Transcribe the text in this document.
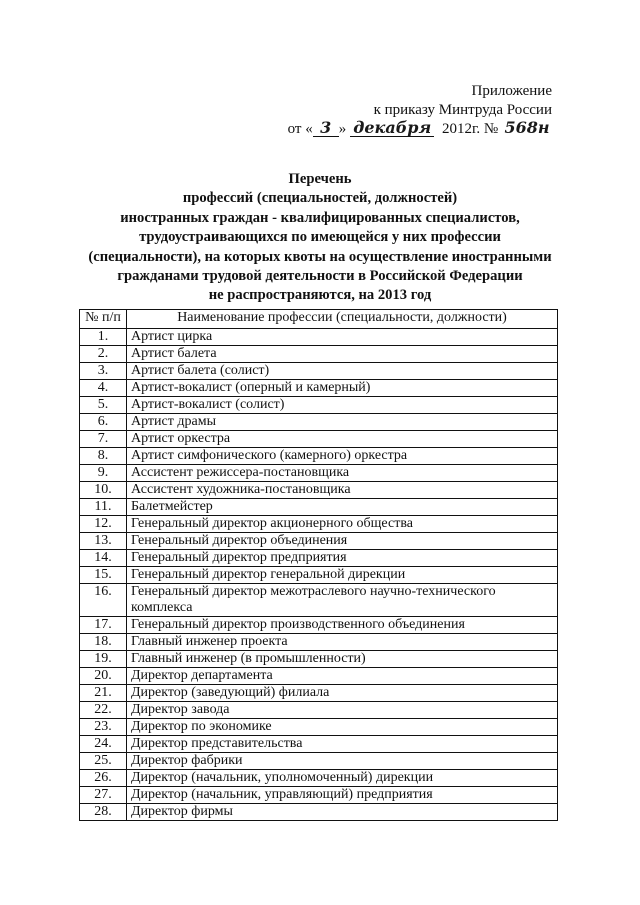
Приложение
к приказу Минтруда России
от « 3 » декабря 2012г. № 568н
Перечень
профессий (специальностей, должностей)
иностранных граждан - квалифицированных специалистов,
трудоустраивающихся по имеющейся у них профессии
(специальности), на которых квоты на осуществление иностранными
гражданами трудовой деятельности в Российской Федерации
не распространяются, на 2013 год
№ п/п	Наименование профессии (специальности, должности)
1.	Артист цирка
2.	Артист балета
3.	Артист балета (солист)
4.	Артист-вокалист (оперный и камерный)
5.	Артист-вокалист (солист)
6.	Артист драмы
7.	Артист оркестра
8.	Артист симфонического (камерного) оркестра
9.	Ассистент режиссера-постановщика
10.	Ассистент художника-постановщика
11.	Балетмейстер
12.	Генеральный директор акционерного общества
13.	Генеральный директор объединения
14.	Генеральный директор предприятия
15.	Генеральный директор генеральной дирекции
16.	Генеральный директор межотраслевого научно-технического комплекса
17.	Генеральный директор производственного объединения
18.	Главный инженер проекта
19.	Главный инженер (в промышленности)
20.	Директор департамента
21.	Директор (заведующий) филиала
22.	Директор завода
23.	Директор по экономике
24.	Директор представительства
25.	Директор фабрики
26.	Директор (начальник, уполномоченный) дирекции
27.	Директор (начальник, управляющий) предприятия
28.	Директор фирмы
